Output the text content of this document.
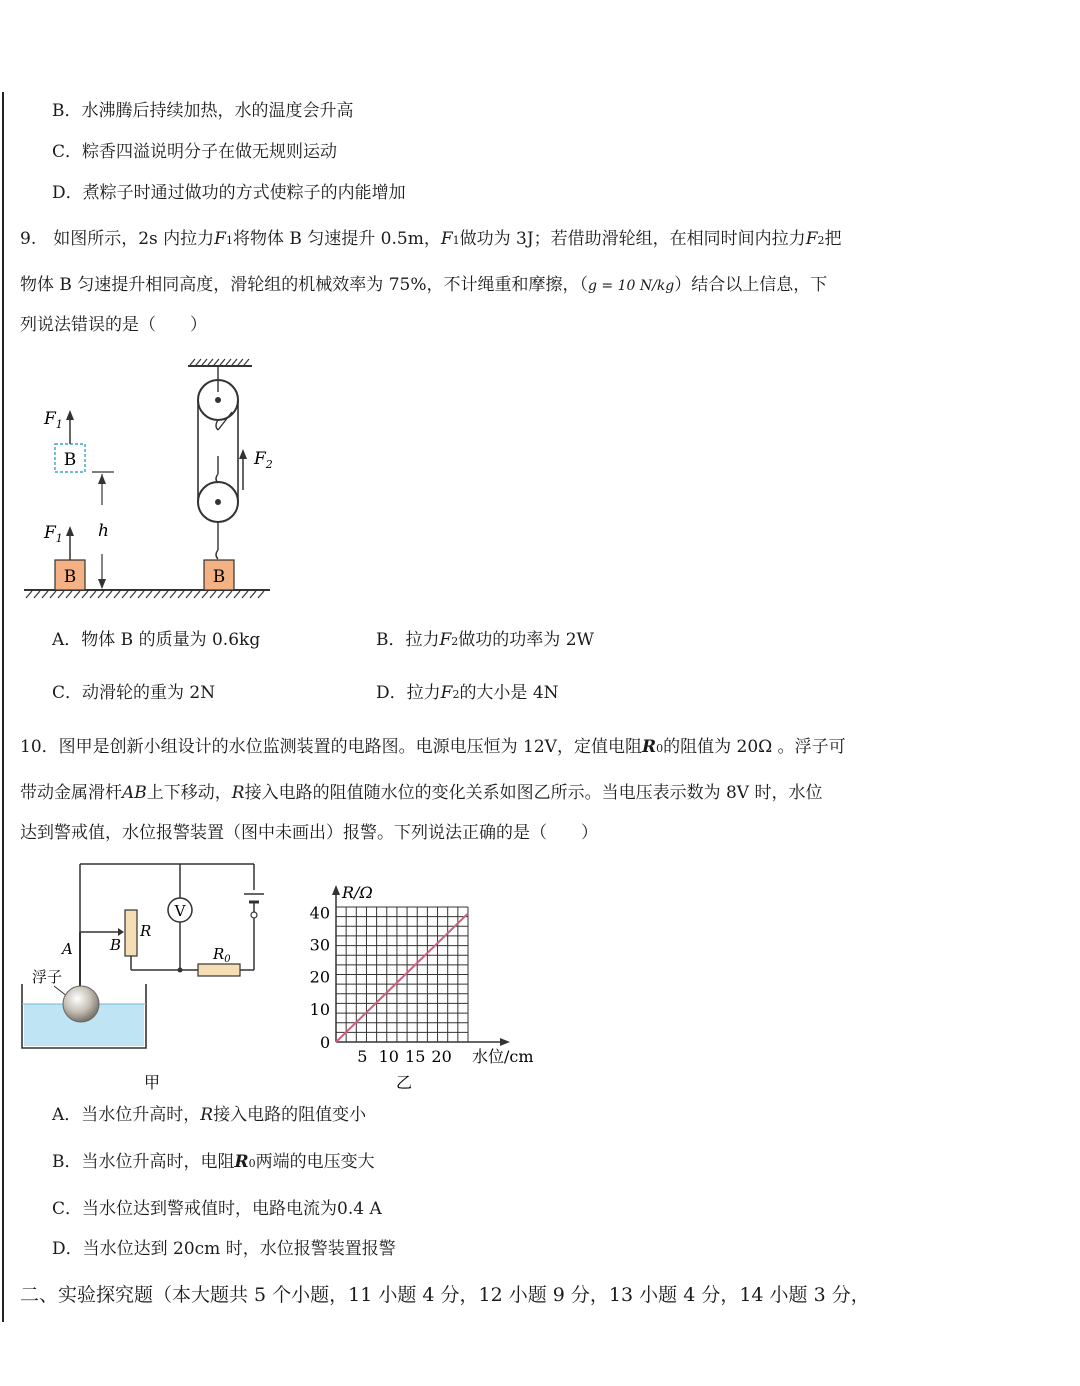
B．水沸腾后持续加热，水的温度会升高
C．粽香四溢说明分子在做无规则运动
D．煮粽子时通过做功的方式使粽子的内能增加
9.　如图所示，2s 内拉力F1将物体 B 匀速提升 0.5m，F1做功为 3J；若借助滑轮组，在相同时间内拉力F2把
物体 B 匀速提升相同高度，滑轮组的机械效率为 75%，不计绳重和摩擦，（g = 10 N/kg）结合以上信息，下
列说法错误的是（　　）
B
$F_1$
B
$F_1$
h
$F_2$
B
A．物体 B 的质量为 0.6kg	B．拉力F2做功的功率为 2W
C．动滑轮的重为 2N	D．拉力F2的大小是 4N
10．图甲是创新小组设计的水位监测装置的电路图。电源电压恒为 12V，定值电阻R0的阻值为 20Ω 。浮子可
带动金属滑杆AB上下移动，R接入电路的阻值随水位的变化关系如图乙所示。当电压表示数为 8V 时，水位
达到警戒值，水位报警装置（图中未画出）报警。下列说法正确的是（　　）
$R_0$
V
R
B
A
浮子
甲
5 10 15 20
10
20
30
40
R/Ω
水位/cm
0
乙
A．当水位升高时，R接入电路的阻值变小
B．当水位升高时，电阻R0两端的电压变大
C．当水位达到警戒值时，电路电流为0.4 A
D．当水位达到 20cm 时，水位报警装置报警
二、实验探究题（本大题共 5 个小题，11 小题 4 分，12 小题 9 分，13 小题 4 分，14 小题 3 分，
